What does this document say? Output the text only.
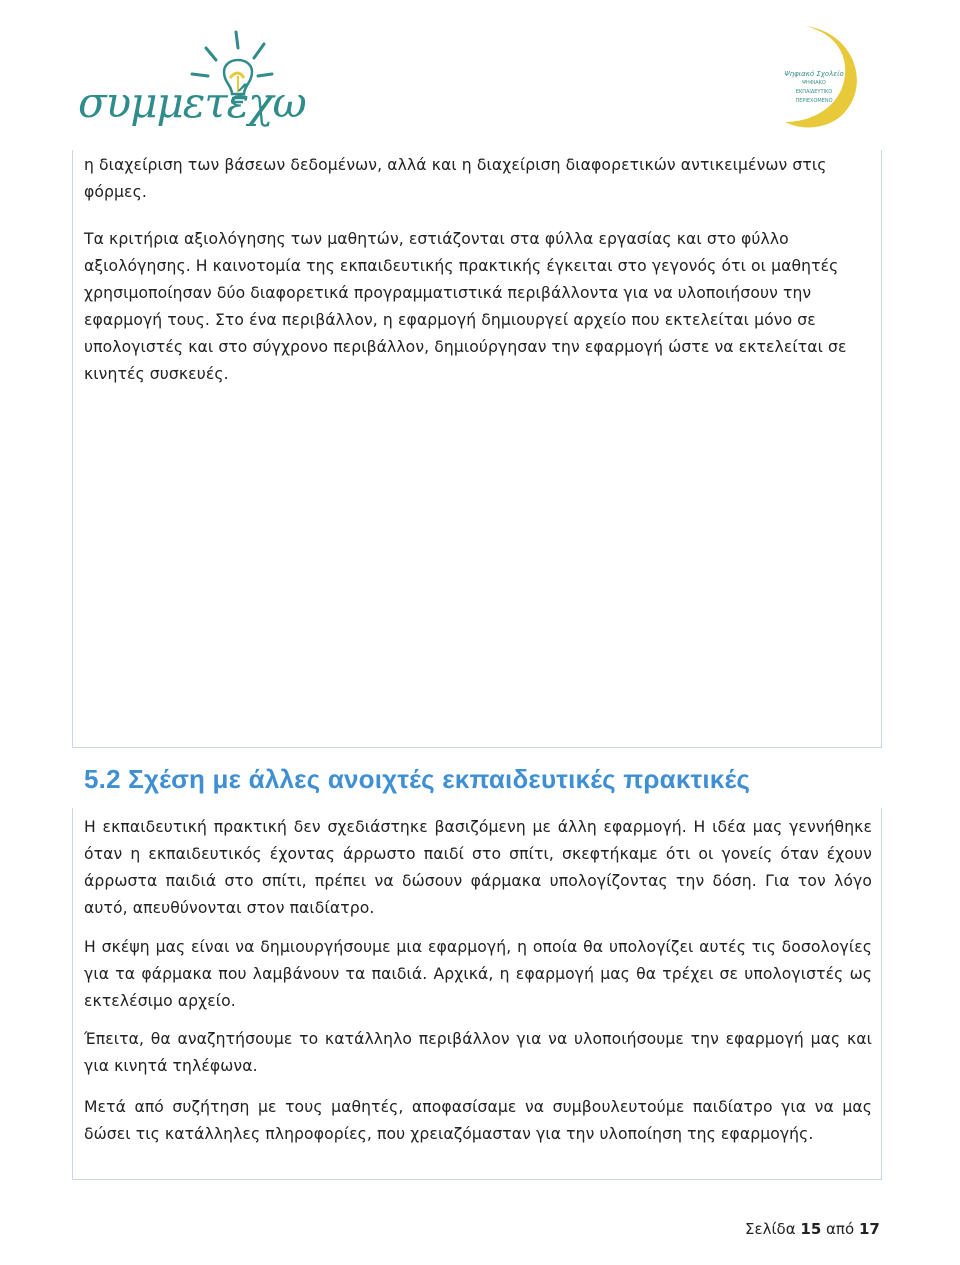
συμμετέχω
Ψηφιακό Σχολείο
ΨΗΦΙΑΚΟ
ΕΚΠΑΙΔΕΥΤΙΚΟ
ΠΕΡΙΕΧΟΜΕΝΟ

η διαχείριση των βάσεων δεδομένων, αλλά και η διαχείριση διαφορετικών αντικειμένων στις φόρμες.

Τα κριτήρια αξιολόγησης των μαθητών, εστιάζονται στα φύλλα εργασίας και στο φύλλο αξιολόγησης. Η καινοτομία της εκπαιδευτικής πρακτικής έγκειται στο γεγονός ότι οι μαθητές χρησιμοποίησαν δύο διαφορετικά προγραμματιστικά περιβάλλοντα για να υλοποιήσουν την εφαρμογή τους. Στο ένα περιβάλλον, η εφαρμογή δημιουργεί αρχείο που εκτελείται μόνο σε υπολογιστές και στο σύγχρονο περιβάλλον, δημιούργησαν την εφαρμογή ώστε να εκτελείται σε κινητές συσκευές.

5.2 Σχέση με άλλες ανοιχτές εκπαιδευτικές πρακτικές

Η εκπαιδευτική πρακτική δεν σχεδιάστηκε βασιζόμενη με άλλη εφαρμογή. Η ιδέα μας γεννήθηκε όταν η εκπαιδευτικός έχοντας άρρωστο παιδί στο σπίτι, σκεφτήκαμε ότι οι γονείς όταν έχουν άρρωστα παιδιά στο σπίτι, πρέπει να δώσουν φάρμακα υπολογίζοντας την δόση. Για τον λόγο αυτό, απευθύνονται στον παιδίατρο.

Η σκέψη μας είναι να δημιουργήσουμε μια εφαρμογή, η οποία θα υπολογίζει αυτές τις δοσολογίες για τα φάρμακα που λαμβάνουν τα παιδιά. Αρχικά, η εφαρμογή μας θα τρέχει σε υπολογιστές ως εκτελέσιμο αρχείο.

Έπειτα, θα αναζητήσουμε το κατάλληλο περιβάλλον για να υλοποιήσουμε την εφαρμογή μας και για κινητά τηλέφωνα.

Μετά από συζήτηση με τους μαθητές, αποφασίσαμε να συμβουλευτούμε παιδίατρο για να μας δώσει τις κατάλληλες πληροφορίες, που χρειαζόμασταν για την υλοποίηση της εφαρμογής.

Σελίδα 15 από 17
